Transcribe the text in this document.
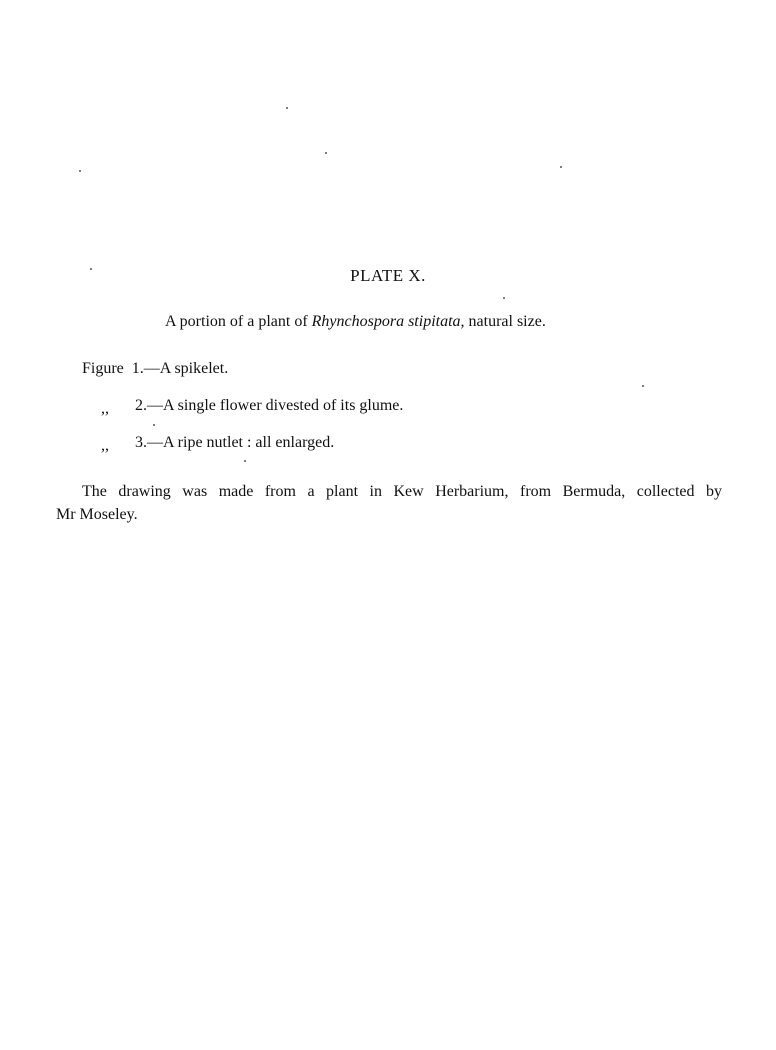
PLATE X.
A portion of a plant of Rhynchospora stipitata, natural size.
Figure 1.—A spikelet.
,, 2.—A single flower divested of its glume.
,, 3.—A ripe nutlet : all enlarged.
The drawing was made from a plant in Kew Herbarium, from Bermuda, collected by
Mr Moseley.
